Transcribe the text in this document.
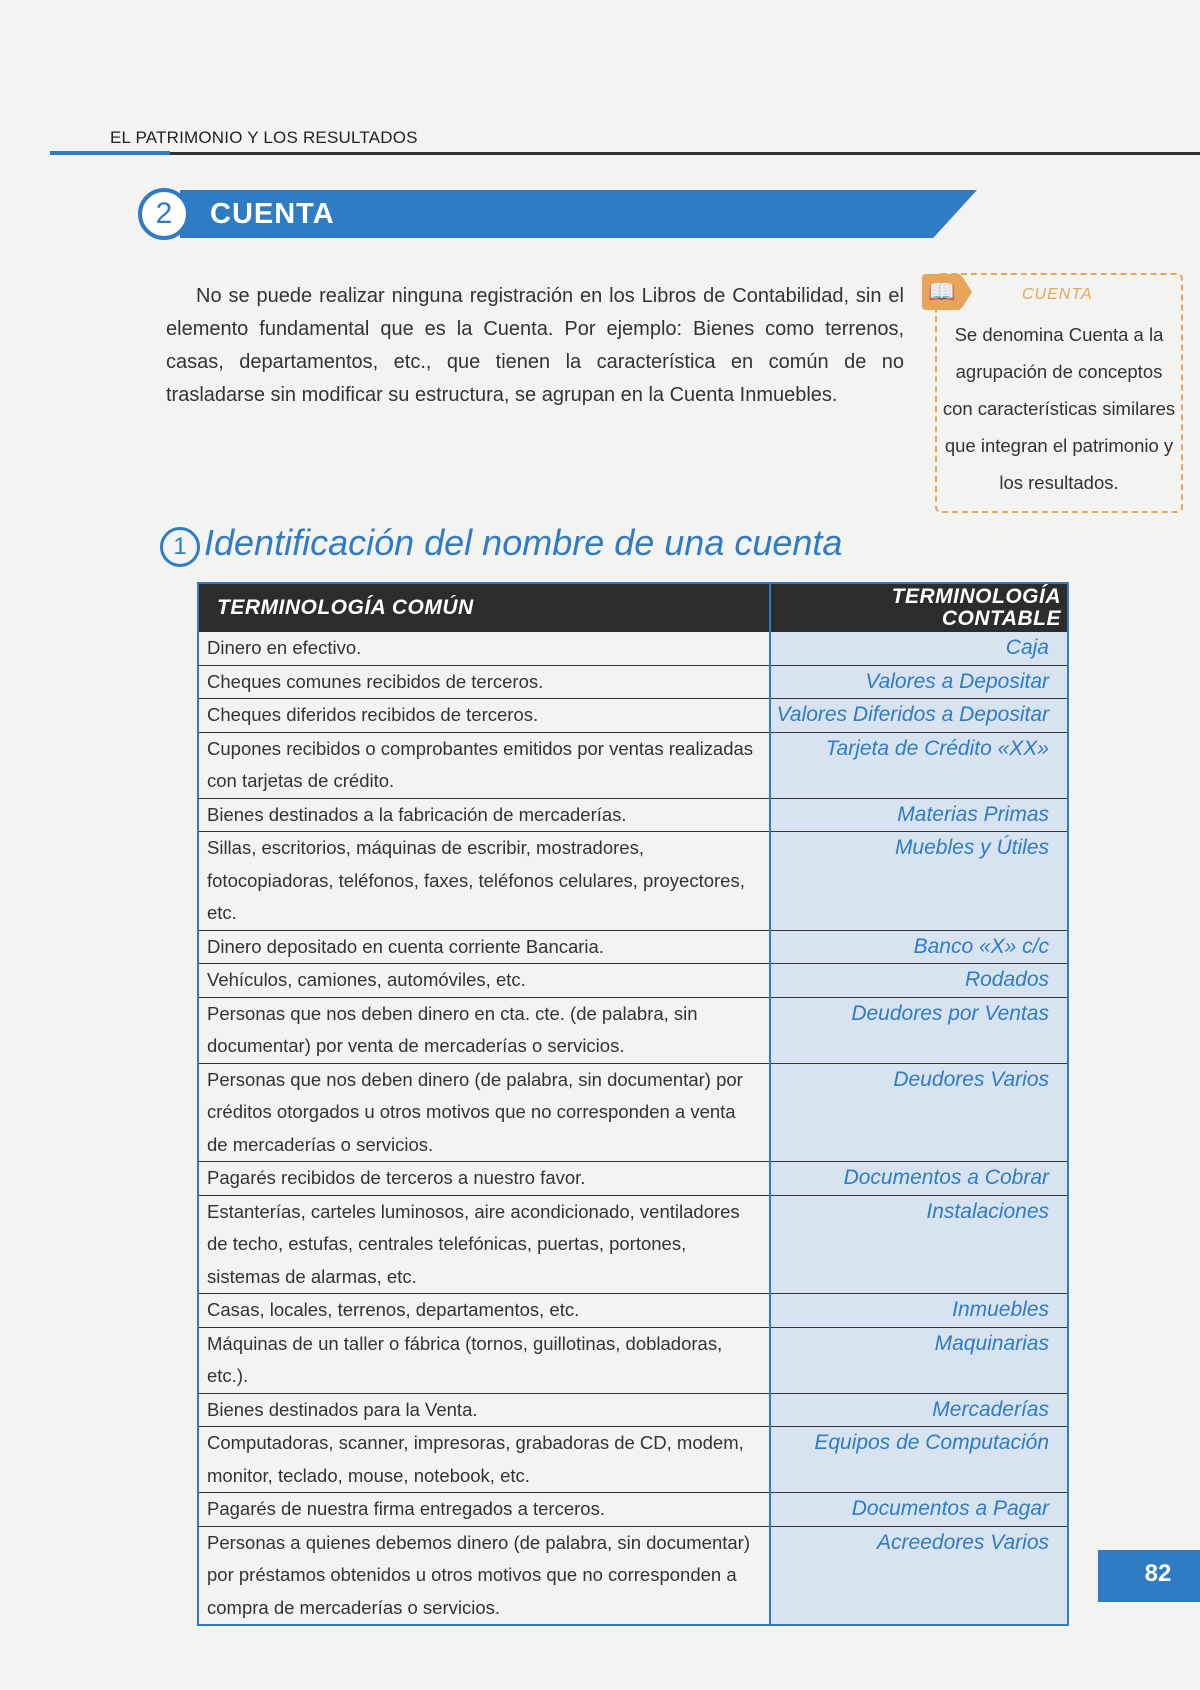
EL PATRIMONIO Y LOS RESULTADOS
2	CUENTA

No se puede realizar ninguna registración en los Libros de Contabilidad, sin el elemento fundamental que es la Cuenta. Por ejemplo: Bienes como terrenos, casas, departamentos, etc., que tienen la característica en común de no trasladarse sin modificar su estructura, se agrupan en la Cuenta Inmuebles.

📖	CUENTA
Se denomina Cuenta a la agrupación de conceptos con características similares que integran el patrimonio y los resultados.
1 Identificación del nombre de una cuenta
TERMINOLOGÍA COMÚN	TERMINOLOGÍA CONTABLE
Dinero en efectivo.	Caja
Cheques comunes recibidos de terceros.	Valores a Depositar
Cheques diferidos recibidos de terceros.	Valores Diferidos a Depositar
Cupones recibidos o comprobantes emitidos por ventas realizadas con tarjetas de crédito.	Tarjeta de Crédito «XX»
Bienes destinados a la fabricación de mercaderías.	Materias Primas
Sillas, escritorios, máquinas de escribir, mostradores, fotocopiadoras, teléfonos, faxes, teléfonos celulares, proyectores, etc.	Muebles y Útiles
Dinero depositado en cuenta corriente Bancaria.	Banco «X» c/c
Vehículos, camiones, automóviles, etc.	Rodados
Personas que nos deben dinero en cta. cte. (de palabra, sin documentar) por venta de mercaderías o servicios.	Deudores por Ventas
Personas que nos deben dinero (de palabra, sin documentar) por créditos otorgados u otros motivos que no corresponden a venta de mercaderías o servicios.	Deudores Varios
Pagarés recibidos de terceros a nuestro favor.	Documentos a Cobrar
Estanterías, carteles luminosos, aire acondicionado, ventiladores de techo, estufas, centrales telefónicas, puertas, portones, sistemas de alarmas, etc.	Instalaciones
Casas, locales, terrenos, departamentos, etc.	Inmuebles
Máquinas de un taller o fábrica (tornos, guillotinas, dobladoras, etc.).	Maquinarias
Bienes destinados para la Venta.	Mercaderías
Computadoras, scanner, impresoras, grabadoras de CD, modem, monitor, teclado, mouse, notebook, etc.	Equipos de Computación
Pagarés de nuestra firma entregados a terceros.	Documentos a Pagar
Personas a quienes debemos dinero (de palabra, sin documentar) por préstamos obtenidos u otros motivos que no corresponden a compra de mercaderías o servicios.	Acreedores Varios
82
